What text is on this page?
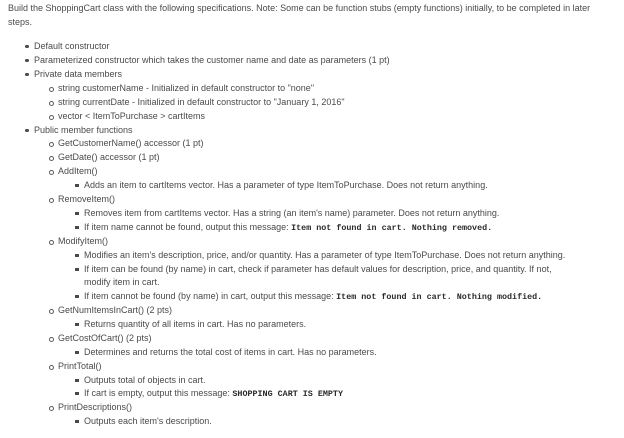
Build the ShoppingCart class with the following specifications. Note: Some can be function stubs (empty functions) initially, to be completed in later steps.

Default constructor
Parameterized constructor which takes the customer name and date as parameters (1 pt)
Private data members
string customerName - Initialized in default constructor to "none"
string currentDate - Initialized in default constructor to "January 1, 2016"
vector < ItemToPurchase > cartItems
Public member functions
GetCustomerName() accessor (1 pt)
GetDate() accessor (1 pt)
AddItem()
Adds an item to cartItems vector. Has a parameter of type ItemToPurchase. Does not return anything.
RemoveItem()
Removes item from cartItems vector. Has a string (an item's name) parameter. Does not return anything.
If item name cannot be found, output this message: Item not found in cart. Nothing removed.
ModifyItem()
Modifies an item's description, price, and/or quantity. Has a parameter of type ItemToPurchase. Does not return anything.
If item can be found (by name) in cart, check if parameter has default values for description, price, and quantity. If not,
modify item in cart.
If item cannot be found (by name) in cart, output this message: Item not found in cart. Nothing modified.
GetNumItemsInCart() (2 pts)
Returns quantity of all items in cart. Has no parameters.
GetCostOfCart() (2 pts)
Determines and returns the total cost of items in cart. Has no parameters.
PrintTotal()
Outputs total of objects in cart.
If cart is empty, output this message: SHOPPING CART IS EMPTY
PrintDescriptions()
Outputs each item's description.
